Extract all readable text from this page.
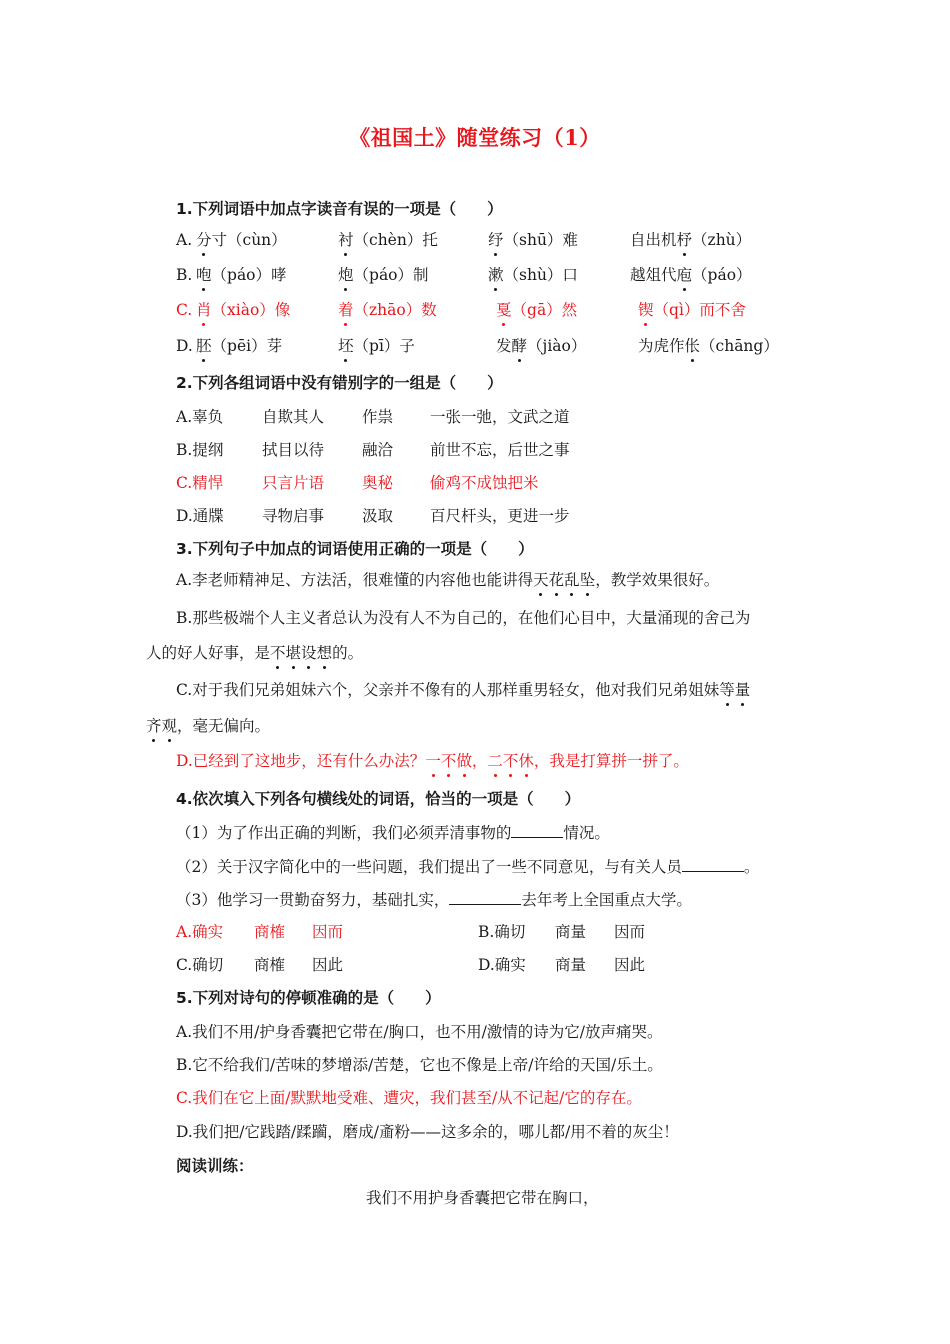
《祖国土》随堂练习（1）
1.下列词语中加点字读音有误的一项是（　　）
A. 分寸（cùn）	衬（chèn）托	纾（shū）难	自出机杼（zhù）
B. 咆（páo）哮	炮（páo）制	漱（shù）口	越俎代庖（páo）
C. 肖（xiào）像	着（zhāo）数	戛（gā）然	锲（qì）而不舍
D. 胚（pēi）芽	坯（pī）子	发酵（jiào）	为虎作伥（chāng）
2.下列各组词语中没有错别字的一组是（　　）
A.辜负	自欺其人 作祟 一张一弛，文武之道
B.提纲 拭目以待 融洽 前世不忘，后世之事
C.精悍	只言片语 奥秘 偷鸡不成蚀把米
D.通牒 寻物启事 汲取 百尺杆头，更进一步
3.下列句子中加点的词语使用正确的一项是（　　）
A.李老师精神足、方法活，很难懂的内容他也能讲得天花乱坠，教学效果很好。
B.那些极端个人主义者总认为没有人不为自己的，在他们心目中，大量涌现的舍己为
人的好人好事，是不堪设想的。
C.对于我们兄弟姐妹六个，父亲并不像有的人那样重男轻女，他对我们兄弟姐妹等量
齐观，毫无偏向。
D.已经到了这地步，还有什么办法？一不做，二不休，我是打算拼一拼了。
4.依次填入下列各句横线处的词语，恰当的一项是（　　）
（1）为了作出正确的判断，我们必须弄清事物的	情况。
（2）关于汉字简化中的一些问题，我们提出了一些不同意见，与有关人员	。
（3）他学习一贯勤奋努力，基础扎实，	去年考上全国重点大学。
A.确实 商榷 因而	B.确切 商量 因而
C.确切 商榷 因此	D.确实 商量 因此
5.下列对诗句的停顿准确的是（　　）
A.我们不用/护身香囊把它带在/胸口，也不用/激情的诗为它/放声痛哭。
B.它不给我们/苦味的梦增添/苦楚，它也不像是上帝/许给的天国/乐土。
C.我们在它上面/默默地受难、遭灾，我们甚至/从不记起/它的存在。
D.我们把/它践踏/蹂躏，磨成/齑粉——这多余的，哪儿都/用不着的灰尘！
阅读训练：
我们不用护身香囊把它带在胸口，
